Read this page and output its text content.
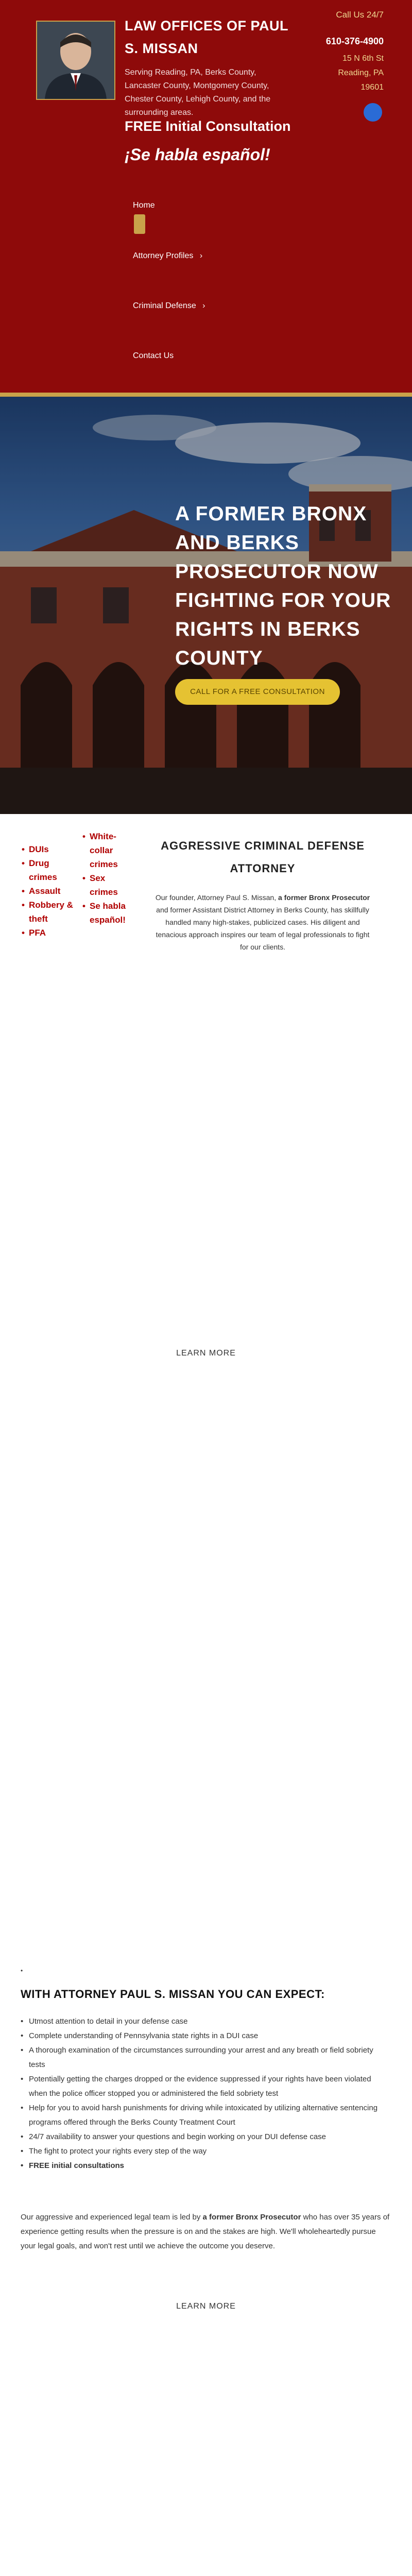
LAW OFFICES OF PAUL S. MISSAN
Serving Reading, PA, Berks County, Lancaster County, Montgomery County, Chester County, Lehigh County, and the surrounding areas.
FREE Initial Consultation
¡Se habla español!
Call Us 24/7
610-376-4900
15 N 6th St Reading, PA 19601
Home
Attorney Profiles ›
Criminal Defense ›
Contact Us
A FORMER BRONX AND BERKS PROSECUTOR NOW FIGHTING FOR YOUR RIGHTS IN BERKS COUNTY
CALL FOR A FREE CONSULTATION
• DUIs
• Drug crimes
• Assault
• Robbery & theft
• PFA
• White-collar crimes
• Sex crimes
• Se habla español!
AGGRESSIVE CRIMINAL DEFENSE ATTORNEY
Our founder, Attorney Paul S. Missan, a former Bronx Prosecutor and former Assistant District Attorney in Berks County, has skillfully handled many high-stakes, publicized cases. His diligent and tenacious approach inspires our team of legal professionals to fight for our clients.
LEARN MORE
•
WITH ATTORNEY PAUL S. MISSAN YOU CAN EXPECT:
• Utmost attention to detail in your defense case
• Complete understanding of Pennsylvania state rights in a DUI case
• A thorough examination of the circumstances surrounding your arrest and any breath or field sobriety tests
• Potentially getting the charges dropped or the evidence suppressed if your rights have been violated when the police officer stopped you or administered the field sobriety test
• Help for you to avoid harsh punishments for driving while intoxicated by utilizing alternative sentencing programs offered through the Berks County Treatment Court
• 24/7 availability to answer your questions and begin working on your DUI defense case
• The fight to protect your rights every step of the way
• FREE initial consultations
Our aggressive and experienced legal team is led by a former Bronx Prosecutor who has over 35 years of experience getting results when the pressure is on and the stakes are high. We'll wholeheartedly pursue your legal goals, and won't rest until we achieve the outcome you deserve.
LEARN MORE
